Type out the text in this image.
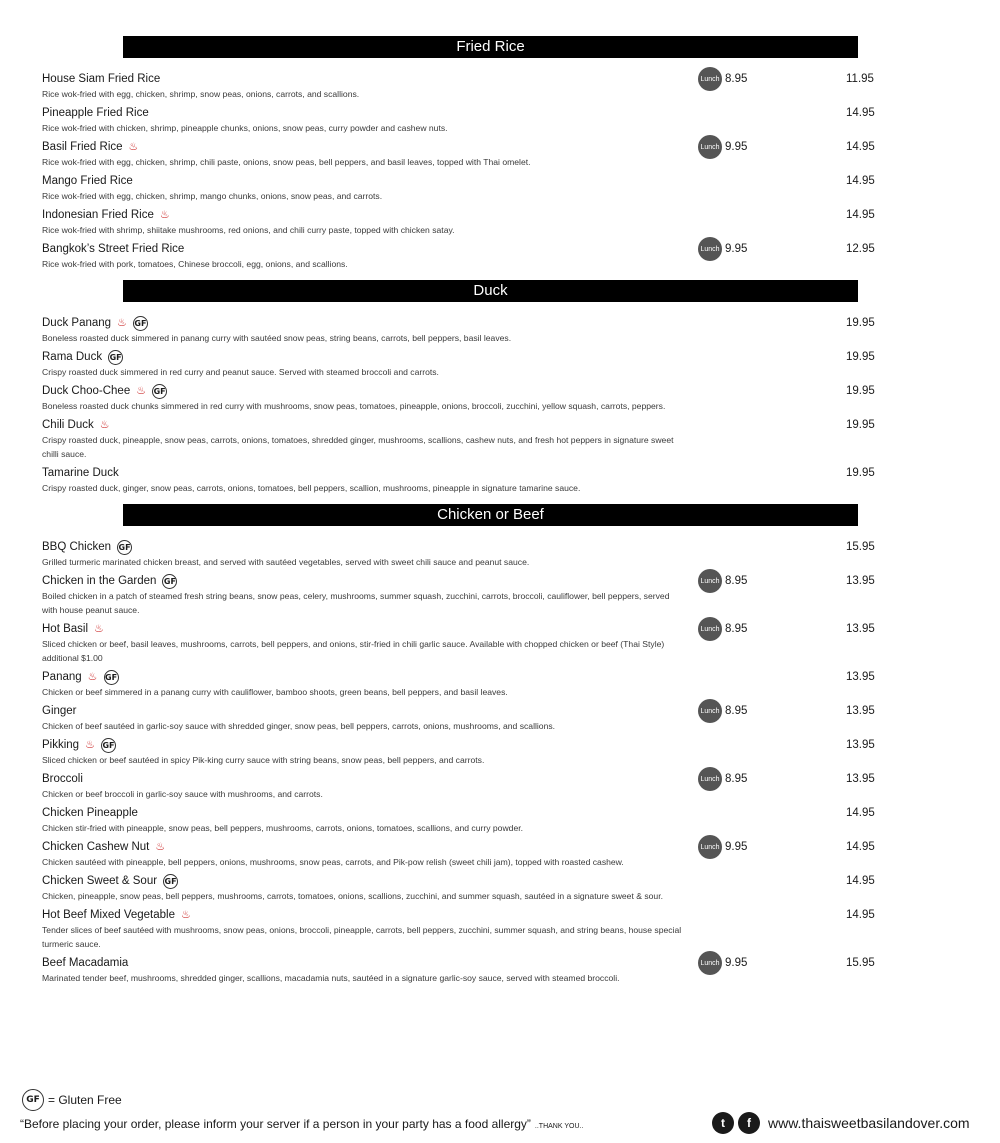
Fried Rice
House Siam Fried Rice
Rice wok-fried with egg, chicken, shrimp, snow peas, onions, carrots, and scallions.
Lunch 8.95	11.95
Pineapple Fried Rice
Rice wok-fried with chicken, shrimp, pineapple chunks, onions, snow peas, curry powder and cashew nuts.
14.95
Basil Fried Rice ♨
Rice wok-fried with egg, chicken, shrimp, chili paste, onions, snow peas, bell peppers, and basil leaves, topped with Thai omelet.
Lunch 9.95	14.95
Mango Fried Rice
Rice wok-fried with egg, chicken, shrimp, mango chunks, onions, snow peas, and carrots.
14.95
Indonesian Fried Rice ♨
Rice wok-fried with shrimp, shiitake mushrooms, red onions, and chili curry paste, topped with chicken satay.
14.95
Bangkok’s Street Fried Rice
Rice wok-fried with pork, tomatoes, Chinese broccoli, egg, onions, and scallions.
Lunch 9.95	12.95
Duck
Duck Panang ♨ GF
Boneless roasted duck simmered in panang curry with sautéed snow peas, string beans, carrots, bell peppers, basil leaves.
19.95
Rama Duck GF
Crispy roasted duck simmered in red curry and peanut sauce. Served with steamed broccoli and carrots.
19.95
Duck Choo-Chee ♨ GF
Boneless roasted duck chunks simmered in red curry with mushrooms, snow peas, tomatoes, pineapple, onions, broccoli, zucchini, yellow squash, carrots, peppers.
19.95
Chili Duck ♨
Crispy roasted duck, pineapple, snow peas, carrots, onions, tomatoes, shredded ginger, mushrooms, scallions, cashew nuts, and fresh hot peppers in signature sweet chilli sauce.
19.95
Tamarine Duck
Crispy roasted duck, ginger, snow peas, carrots, onions, tomatoes, bell peppers, scallion, mushrooms, pineapple in signature tamarine sauce.
19.95
Chicken or Beef
BBQ Chicken GF
Grilled turmeric marinated chicken breast, and served with sautéed vegetables, served with sweet chili sauce and peanut sauce.
15.95
Chicken in the Garden GF
Boiled chicken in a patch of steamed fresh string beans, snow peas, celery, mushrooms, summer squash, zucchini, carrots, broccoli, cauliflower, bell peppers, served with house peanut sauce.
Lunch 8.95	13.95
Hot Basil ♨
Sliced chicken or beef, basil leaves, mushrooms, carrots, bell peppers, and onions, stir-fried in chili garlic sauce. Available with chopped chicken or beef (Thai Style) additional $1.00
Lunch 8.95	13.95
Panang ♨ GF
Chicken or beef simmered in a panang curry with cauliflower, bamboo shoots, green beans, bell peppers, and basil leaves.
13.95
Ginger
Chicken of beef sautéed in garlic-soy sauce with shredded ginger, snow peas, bell peppers, carrots, onions, mushrooms, and scallions.
Lunch 8.95	13.95
Pikking ♨ GF
Sliced chicken or beef sautéed in spicy Pik-king curry sauce with string beans, snow peas, bell peppers, and carrots.
13.95
Broccoli
Chicken or beef broccoli in garlic-soy sauce with mushrooms, and carrots.
Lunch 8.95	13.95
Chicken Pineapple
Chicken stir-fried with pineapple, snow peas, bell peppers, mushrooms, carrots, onions, tomatoes, scallions, and curry powder.
14.95
Chicken Cashew Nut ♨
Chicken sautéed with pineapple, bell peppers, onions, mushrooms, snow peas, carrots, and Pik-pow relish (sweet chili jam), topped with roasted cashew.
Lunch 9.95	14.95
Chicken Sweet & Sour GF
Chicken, pineapple, snow peas, bell peppers, mushrooms, carrots, tomatoes, onions, scallions, zucchini, and summer squash, sautéed in a signature sweet & sour.
14.95
Hot Beef Mixed Vegetable ♨
Tender slices of beef sautéed with mushrooms, snow peas, onions, broccoli, pineapple, carrots, bell peppers, zucchini, summer squash, and string beans, house special turmeric sauce.
14.95
Beef Macadamia
Marinated tender beef, mushrooms, shredded ginger, scallions, macadamia nuts, sautéed in a signature garlic-soy sauce, served with steamed broccoli.
Lunch 9.95	15.95
GF = Gluten Free
“Before placing your order, please inform your server if a person in your party has a food allergy” ..THANK YOU..	t	f	www.thaisweetbasilandover.com
